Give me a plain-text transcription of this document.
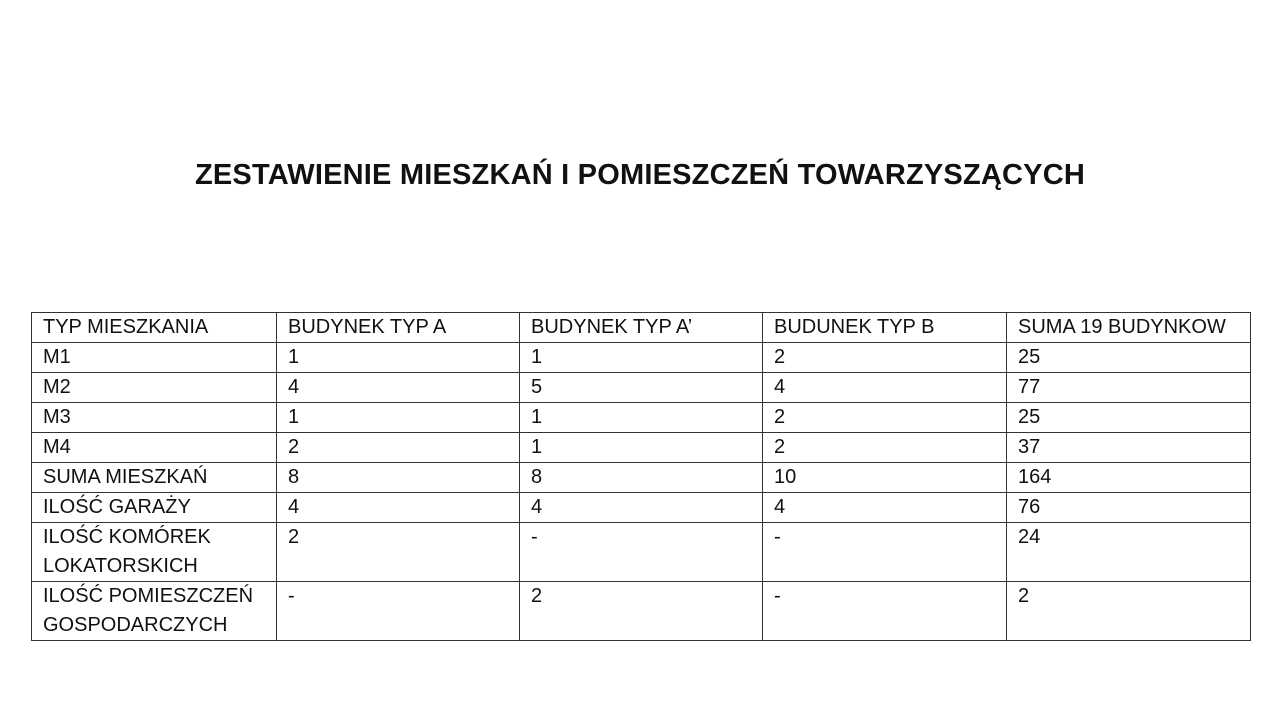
ZESTAWIENIE MIESZKAŃ I POMIESZCZEŃ TOWARZYSZĄCYCH
TYP MIESZKANIA	BUDYNEK TYP A	BUDYNEK TYP A’	BUDUNEK TYP B	SUMA 19 BUDYNKOW
M1	1	1	2	25
M2	4	5	4	77
M3	1	1	2	25
M4	2	1	2	37
SUMA MIESZKAŃ	8	8	10	164
ILOŚĆ GARAŻY	4	4	4	76
ILOŚĆ KOMÓREK LOKATORSKICH	2	-	-	24
ILOŚĆ POMIESZCZEŃ GOSPODARCZYCH	-	2	-	2
